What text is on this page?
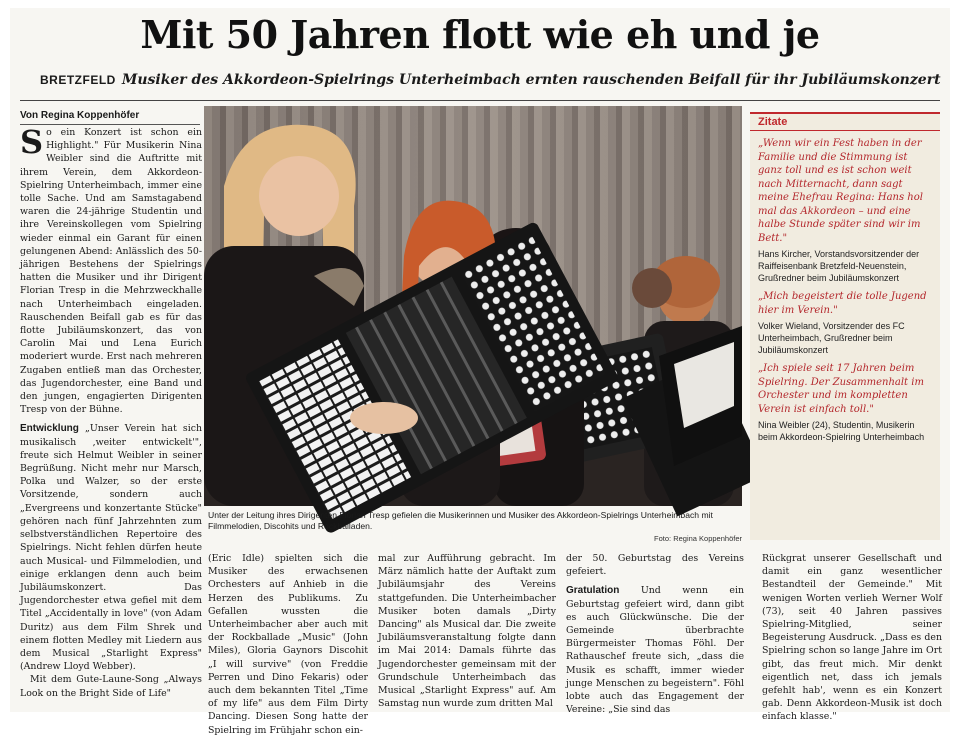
Mit 50 Jahren flott wie eh und je
BRETZFELD Musiker des Akkordeon-Spielrings Unterheimbach ernten rauschenden Beifall für ihr Jubiläumskonzert
Von Regina Koppenhöfer

So ein Konzert ist schon ein Highlight." Für Musikerin Nina Weibler sind die Auftritte mit ihrem Verein, dem Akkordeon-Spielring Unterheimbach, immer eine tolle Sache. Und am Samstagabend waren die 24-jährige Studentin und ihre Vereinskollegen vom Spielring wieder einmal ein Garant für einen gelungenen Abend: Anlässlich des 50-jährigen Bestehens der Spielrings hatten die Musiker und ihr Dirigent Florian Tresp in die Mehrzweckhalle nach Unterheimbach eingeladen. Rauschenden Beifall gab es für das flotte Jubiläumskonzert, das von Carolin Mai und Lena Eurich moderiert wurde. Erst nach mehreren Zugaben entließ man das Orchester, das Jugendorchester, eine Band und den jungen, engagierten Dirigenten Tresp von der Bühne.

Entwicklung „Unser Verein hat sich musikalisch ,weiter entwickelt'", freute sich Helmut Weibler in seiner Begrüßung. Nicht mehr nur Marsch, Polka und Walzer, so der erste Vorsitzende, sondern auch „Evergreens und konzertante Stücke" gehören nach fünf Jahrzehnten zum selbstverständlichen Repertoire des Spielrings. Nicht fehlen dürfen heute auch Musical- und Filmmelodien, und einige erklangen denn auch beim Jubiläumskonzert. Das Jugendorchester etwa gefiel mit dem Titel „Accidentally in love" (von Adam Duritz) aus dem Film Shrek und einem flotten Medley mit Liedern aus dem Musical „Starlight Express" (Andrew Lloyd Webber).

Mit dem Gute-Laune-Song „Always Look on the Bright Side of Life"

Unter der Leitung ihres Dirigenten Florian Tresp gefielen die Musikerinnen und Musiker des Akkordeon-Spielrings Unterheimbach mit Filmmelodien, Discohits und Rockballaden.
Foto: Regina Koppenhöfer
Zitate
„Wenn wir ein Fest haben in der Familie und die Stimmung ist ganz toll und es ist schon weit nach Mitternacht, dann sagt meine Ehefrau Regina: Hans hol mal das Akkordeon – und eine halbe Stunde später sind wir im Bett."
Hans Kircher, Vorstandsvorsitzender der Raiffeisenbank Bretzfeld-Neuenstein, Grußredner beim Jubiläumskonzert
„Mich begeistert die tolle Jugend hier im Verein."
Volker Wieland, Vorsitzender des FC Unterheimbach, Grußredner beim Jubiläumskonzert
„Ich spiele seit 17 Jahren beim Spielring. Der Zusammenhalt im Orchester und im kompletten Verein ist einfach toll."
Nina Weibler (24), Studentin, Musikerin beim Akkordeon-Spielring Unterheimbach
(Eric Idle) spielten sich die Musiker des erwachsenen Orchesters auf Anhieb in die Herzen des Publikums. Zu Gefallen wussten die Unterheimbacher aber auch mit der Rockballade „Music" (John Miles), Gloria Gaynors Discohit „I will survive" (von Freddie Perren und Dino Fekaris) oder auch dem bekannten Titel „Time of my life" aus dem Film Dirty Dancing. Diesen Song hatte der Spielring im Frühjahr schon ein-
mal zur Aufführung gebracht. Im März nämlich hatte der Auftakt zum Jubiläumsjahr des Vereins stattgefunden. Die Unterheimbacher Musiker boten damals „Dirty Dancing" als Musical dar. Die zweite Jubiläumsveranstaltung folgte dann im Mai 2014: Damals führte das Jugendorchester gemeinsam mit der Grundschule Unterheimbach das Musical „Starlight Express" auf. Am Samstag nun wurde zum dritten Mal

der 50. Geburtstag des Vereins gefeiert.

Gratulation Und wenn ein Geburtstag gefeiert wird, dann gibt es auch Glückwünsche. Die der Gemeinde überbrachte Bürgermeister Thomas Föhl. Der Rathauschef freute sich, „dass die Musik es schafft, immer wieder junge Menschen zu begeistern". Föhl lobte auch das Engagement der Vereine: „Sie sind das

Rückgrat unserer Gesellschaft und damit ein ganz wesentlicher Bestandteil der Gemeinde." Mit wenigen Worten verlieh Werner Wolf (73), seit 40 Jahren passives Spielring-Mitglied, seiner Begeisterung Ausdruck. „Dass es den Spielring schon so lange Jahre im Ort gibt, das freut mich. Mir denkt eigentlich net, dass ich jemals gefehlt hab', wenn es ein Konzert gab. Denn Akkordeon-Musik ist doch einfach klasse."
